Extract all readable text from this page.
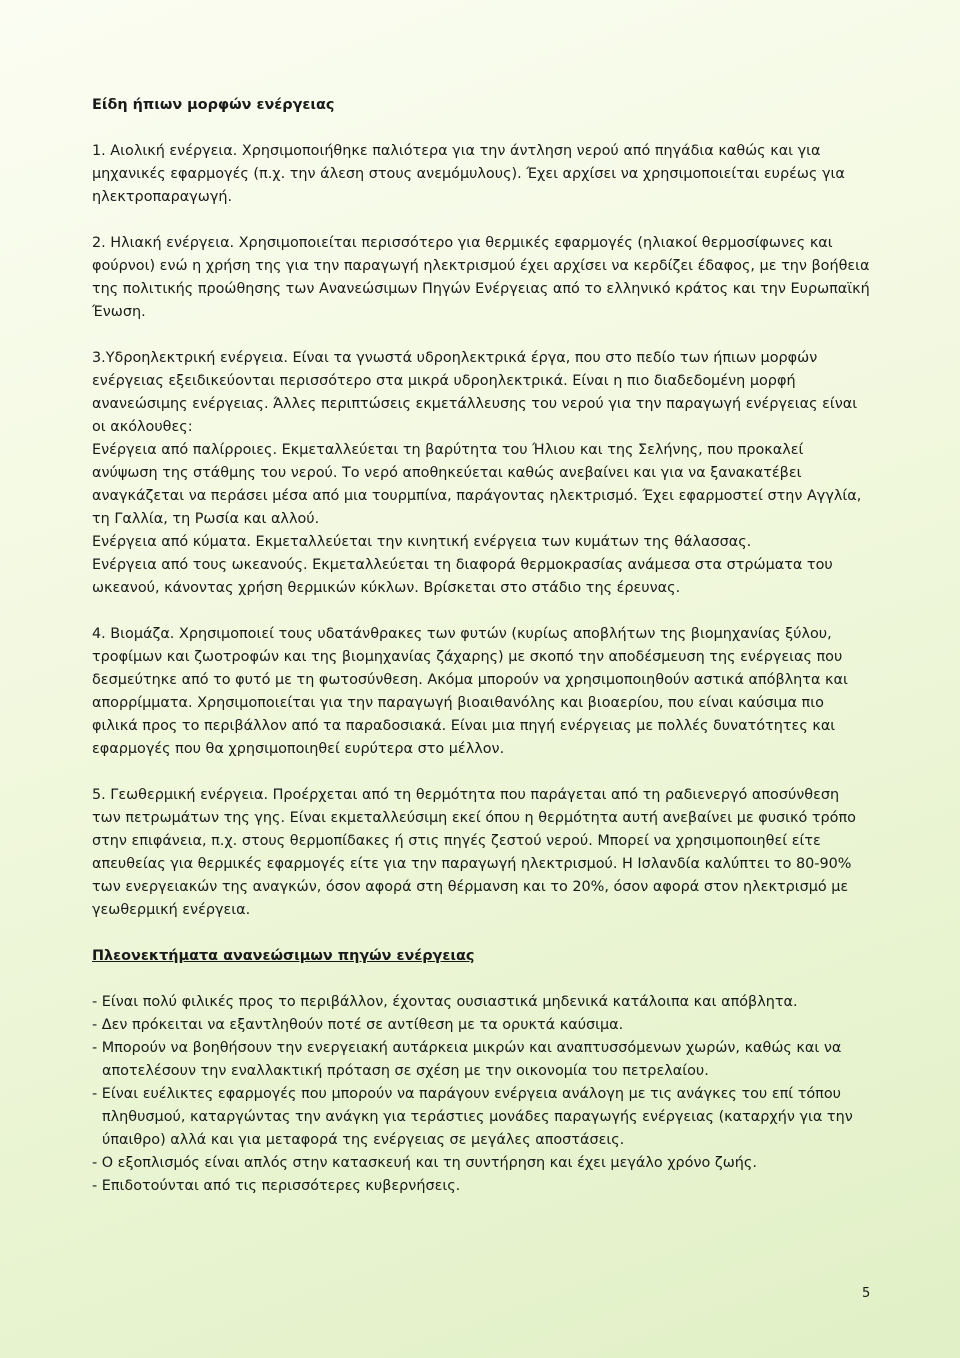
Είδη ήπιων μορφών ενέργειας

1. Αιολική ενέργεια. Χρησιμοποιήθηκε παλιότερα για την άντληση νερού από πηγάδια καθώς και για μηχανικές εφαρμογές (π.χ. την άλεση στους ανεμόμυλους). Έχει αρχίσει να χρησιμοποιείται ευρέως για ηλεκτροπαραγωγή.

2. Ηλιακή ενέργεια. Χρησιμοποιείται περισσότερο για θερμικές εφαρμογές (ηλιακοί θερμοσίφωνες και φούρνοι) ενώ η χρήση της για την παραγωγή ηλεκτρισμού έχει αρχίσει να κερδίζει έδαφος, με την βοήθεια της πολιτικής προώθησης των Ανανεώσιμων Πηγών Ενέργειας από το ελληνικό κράτος και την Ευρωπαϊκή Ένωση.

3.Υδροηλεκτρική ενέργεια. Είναι τα γνωστά υδροηλεκτρικά έργα, που στο πεδίο των ήπιων μορφών ενέργειας εξειδικεύονται περισσότερο στα μικρά υδροηλεκτρικά. Είναι η πιο διαδεδομένη μορφή ανανεώσιμης ενέργειας. Άλλες περιπτώσεις εκμετάλλευσης του νερού για την παραγωγή ενέργειας είναι οι ακόλουθες:

Ενέργεια από παλίρροιες. Εκμεταλλεύεται τη βαρύτητα του Ήλιου και της Σελήνης, που προκαλεί ανύψωση της στάθμης του νερού. Το νερό αποθηκεύεται καθώς ανεβαίνει και για να ξανακατέβει αναγκάζεται να περάσει μέσα από μια τουρμπίνα, παράγοντας ηλεκτρισμό. Έχει εφαρμοστεί στην Αγγλία, τη Γαλλία, τη Ρωσία και αλλού.

Ενέργεια από κύματα. Εκμεταλλεύεται την κινητική ενέργεια των κυμάτων της θάλασσας.

Ενέργεια από τους ωκεανούς. Εκμεταλλεύεται τη διαφορά θερμοκρασίας ανάμεσα στα στρώματα του ωκεανού, κάνοντας χρήση θερμικών κύκλων. Βρίσκεται στο στάδιο της έρευνας.

4. Βιομάζα. Χρησιμοποιεί τους υδατάνθρακες των φυτών (κυρίως αποβλήτων της βιομηχανίας ξύλου, τροφίμων και ζωοτροφών και της βιομηχανίας ζάχαρης) με σκοπό την αποδέσμευση της ενέργειας που δεσμεύτηκε από το φυτό με τη φωτοσύνθεση. Ακόμα μπορούν να χρησιμοποιηθούν αστικά απόβλητα και απορρίμματα. Χρησιμοποιείται για την παραγωγή βιοαιθανόλης και βιοαερίου, που είναι καύσιμα πιο φιλικά προς το περιβάλλον από τα παραδοσιακά. Είναι μια πηγή ενέργειας με πολλές δυνατότητες και εφαρμογές που θα χρησιμοποιηθεί ευρύτερα στο μέλλον.

5. Γεωθερμική ενέργεια. Προέρχεται από τη θερμότητα που παράγεται από τη ραδιενεργό αποσύνθεση των πετρωμάτων της γης. Είναι εκμεταλλεύσιμη εκεί όπου η θερμότητα αυτή ανεβαίνει με φυσικό τρόπο στην επιφάνεια, π.χ. στους θερμοπίδακες ή στις πηγές ζεστού νερού. Μπορεί να χρησιμοποιηθεί είτε απευθείας για θερμικές εφαρμογές είτε για την παραγωγή ηλεκτρισμού. Η Ισλανδία καλύπτει το 80-90% των ενεργειακών της αναγκών, όσον αφορά στη θέρμανση και το 20%, όσον αφορά στον ηλεκτρισμό με γεωθερμική ενέργεια.

Πλεονεκτήματα ανανεώσιμων πηγών ενέργειας
- Είναι πολύ φιλικές προς το περιβάλλον, έχοντας ουσιαστικά μηδενικά κατάλοιπα και απόβλητα.
- Δεν πρόκειται να εξαντληθούν ποτέ σε αντίθεση με τα ορυκτά καύσιμα.
- Μπορούν να βοηθήσουν την ενεργειακή αυτάρκεια μικρών και αναπτυσσόμενων χωρών, καθώς και να αποτελέσουν την εναλλακτική πρόταση σε σχέση με την οικονομία του πετρελαίου.
- Είναι ευέλικτες εφαρμογές που μπορούν να παράγουν ενέργεια ανάλογη με τις ανάγκες του επί τόπου πληθυσμού, καταργώντας την ανάγκη για τεράστιες μονάδες παραγωγής ενέργειας (καταρχήν για την ύπαιθρο) αλλά και για μεταφορά της ενέργειας σε μεγάλες αποστάσεις.
- Ο εξοπλισμός είναι απλός στην κατασκευή και τη συντήρηση και έχει μεγάλο χρόνο ζωής.
- Επιδοτούνται από τις περισσότερες κυβερνήσεις.
5
